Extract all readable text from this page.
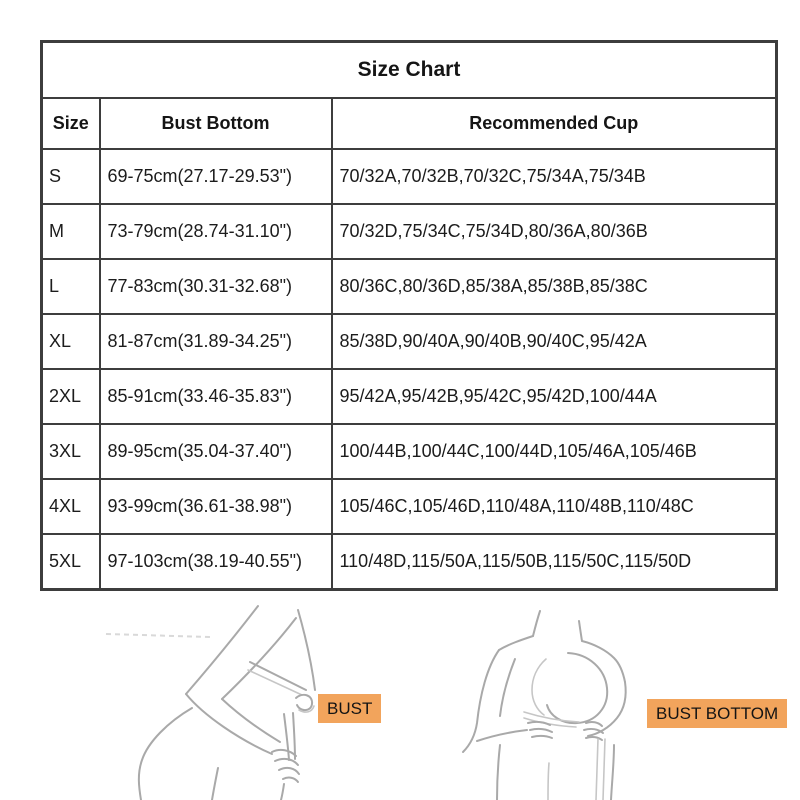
Size Chart		
Size	Bust Bottom	Recommended Cup
S	69-75cm(27.17-29.53")	70/32A,70/32B,70/32C,75/34A,75/34B
M	73-79cm(28.74-31.10")	70/32D,75/34C,75/34D,80/36A,80/36B
L	77-83cm(30.31-32.68")	80/36C,80/36D,85/38A,85/38B,85/38C
XL	81-87cm(31.89-34.25")	85/38D,90/40A,90/40B,90/40C,95/42A
2XL	85-91cm(33.46-35.83")	95/42A,95/42B,95/42C,95/42D,100/44A
3XL	89-95cm(35.04-37.40")	100/44B,100/44C,100/44D,105/46A,105/46B
4XL	93-99cm(36.61-38.98")	105/46C,105/46D,110/48A,110/48B,110/48C
5XL	97-103cm(38.19-40.55")	110/48D,115/50A,115/50B,115/50C,115/50D
BUST	BUST BOTTOM
